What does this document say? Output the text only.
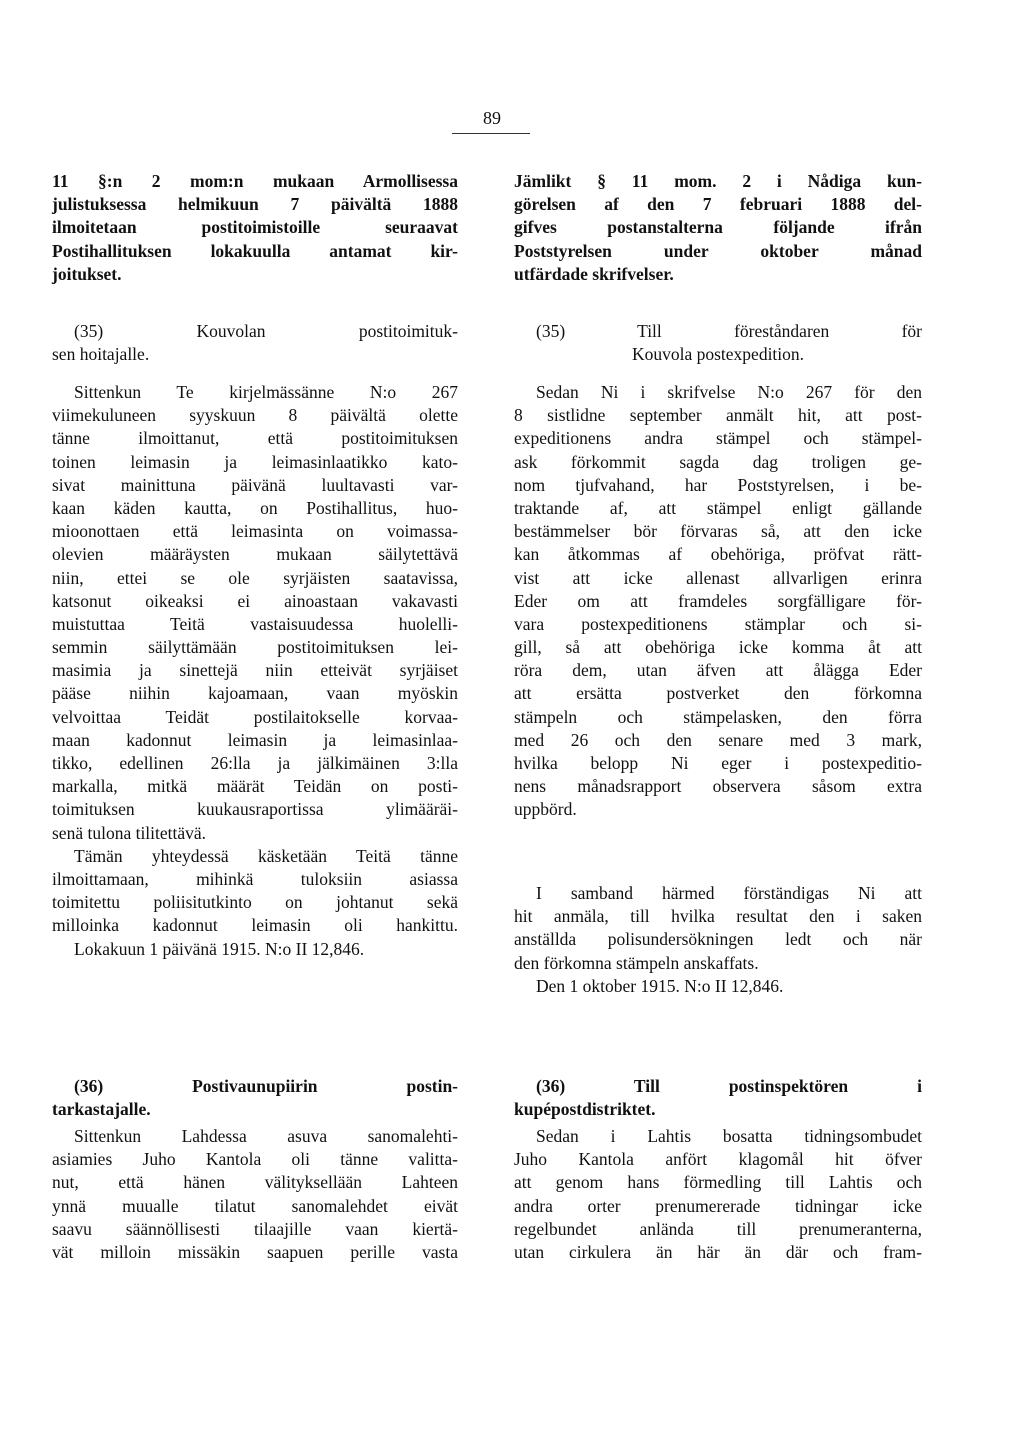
89
11 §:n 2 mom:n mukaan Armollisessa
julistuksessa helmikuun 7 päivältä 1888
ilmoitetaan postitoimistoille seuraavat
Postihallituksen lokakuulla antamat kir-
joitukset.
(35) Kouvolan postitoimituk-
sen hoitajalle.
Sittenkun Te kirjelmässänne N:o 267
viimekuluneen syyskuun 8 päivältä olette
tänne ilmoittanut, että postitoimituksen
toinen leimasin ja leimasinlaatikko kato-
sivat mainittuna päivänä luultavasti var-
kaan käden kautta, on Postihallitus, huo-
mioonottaen että leimasinta on voimassa-
olevien määräysten mukaan säilytettävä
niin, ettei se ole syrjäisten saatavissa,
katsonut oikeaksi ei ainoastaan vakavasti
muistuttaa Teitä vastaisuudessa huolelli-
semmin säilyttämään postitoimituksen lei-
masimia ja sinettejä niin etteivät syrjäiset
pääse niihin kajoamaan, vaan myöskin
velvoittaa Teidät postilaitokselle korvaa-
maan kadonnut leimasin ja leimasinlaa-
tikko, edellinen 26:lla ja jälkimäinen 3:lla
markalla, mitkä määrät Teidän on posti-
toimituksen kuukausraportissa ylimääräi-
senä tulona tilitettävä.
Tämän yhteydessä käsketään Teitä tänne
ilmoittamaan, mihinkä tuloksiin asiassa
toimitettu poliisitutkinto on johtanut sekä
milloinka kadonnut leimasin oli hankittu.
Lokakuun 1 päivänä 1915. N:o II 12,846.
(36) Postivaunupiirin postin-
tarkastajalle.
Sittenkun Lahdessa asuva sanomalehti-
asiamies Juho Kantola oli tänne valitta-
nut, että hänen välityksellään Lahteen
ynnä muualle tilatut sanomalehdet eivät
saavu säännöllisesti tilaajille vaan kiertä-
vät milloin missäkin saapuen perille vasta
Jämlikt § 11 mom. 2 i Nådiga kun-
görelsen af den 7 februari 1888 del-
gifves postanstalterna följande ifrån
Poststyrelsen under oktober månad
utfärdade skrifvelser.
(35) Till föreståndaren för
Kouvola postexpedition.
Sedan Ni i skrifvelse N:o 267 för den
8 sistlidne september anmält hit, att post-
expeditionens andra stämpel och stämpel-
ask förkommit sagda dag troligen ge-
nom tjufvahand, har Poststyrelsen, i be-
traktande af, att stämpel enligt gällande
bestämmelser bör förvaras så, att den icke
kan åtkommas af obehöriga, pröfvat rätt-
vist att icke allenast allvarligen erinra
Eder om att framdeles sorgfälligare för-
vara postexpeditionens stämplar och si-
gill, så att obehöriga icke komma åt att
röra dem, utan äfven att ålägga Eder
att ersätta postverket den förkomna
stämpeln och stämpelasken, den förra
med 26 och den senare med 3 mark,
hvilka belopp Ni eger i postexpeditio-
nens månadsrapport observera såsom extra
uppbörd.
I samband härmed förständigas Ni att
hit anmäla, till hvilka resultat den i saken
anställda polisundersökningen ledt och när
den förkomna stämpeln anskaffats.
Den 1 oktober 1915. N:o II 12,846.
(36) Till postinspektören i
kupépostdistriktet.
Sedan i Lahtis bosatta tidningsombudet
Juho Kantola anfört klagomål hit öfver
att genom hans förmedling till Lahtis och
andra orter prenumererade tidningar icke
regelbundet anlända till prenumeranterna,
utan cirkulera än här än där och fram-
